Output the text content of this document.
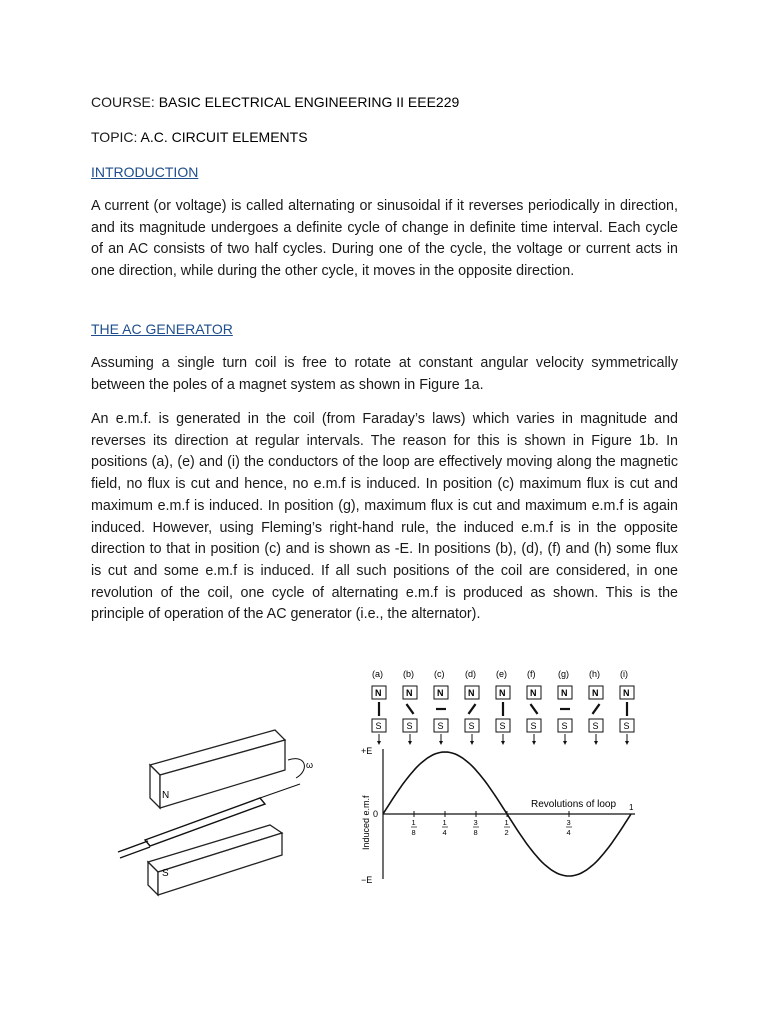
COURSE: BASIC ELECTRICAL ENGINEERING II EEE229
TOPIC: A.C. CIRCUIT ELEMENTS
INTRODUCTION
A current (or voltage) is called alternating or sinusoidal if it reverses periodically in direction, and its magnitude undergoes a definite cycle of change in definite time interval. Each cycle of an AC consists of two half cycles. During one of the cycle, the voltage or current acts in one direction, while during the other cycle, it moves in the opposite direction.
THE AC GENERATOR
Assuming a single turn coil is free to rotate at constant angular velocity symmetrically between the poles of a magnet system as shown in Figure 1a.
An e.m.f. is generated in the coil (from Faraday’s laws) which varies in magnitude and reverses its direction at regular intervals. The reason for this is shown in Figure 1b. In positions (a), (e) and (i) the conductors of the loop are effectively moving along the magnetic field, no flux is cut and hence, no e.m.f is induced. In position (c) maximum flux is cut and maximum e.m.f is induced. In position (g), maximum flux is cut and maximum e.m.f is again induced. However, using Fleming’s right-hand rule, the induced e.m.f is in the opposite direction to that in position (c) and is shown as -E. In positions (b), (d), (f) and (h) some flux is cut and some e.m.f is induced. If all such positions of the coil are considered, in one revolution of the coil, one cycle of alternating e.m.f is produced as shown. This is the principle of operation of the AC generator (i.e., the alternator).
N
S
ω
(a)
N
S
(b)
N
S
(c)
N
S
(d)
N
S
(e)
N
S
(f)
N
S
(g)
N
S
(h)
N
S
(i)
N
S
+E
−E
0
Induced e.m.f	Revolutions of loop
1
8
1
4
3
8
1
2
3
4
1
